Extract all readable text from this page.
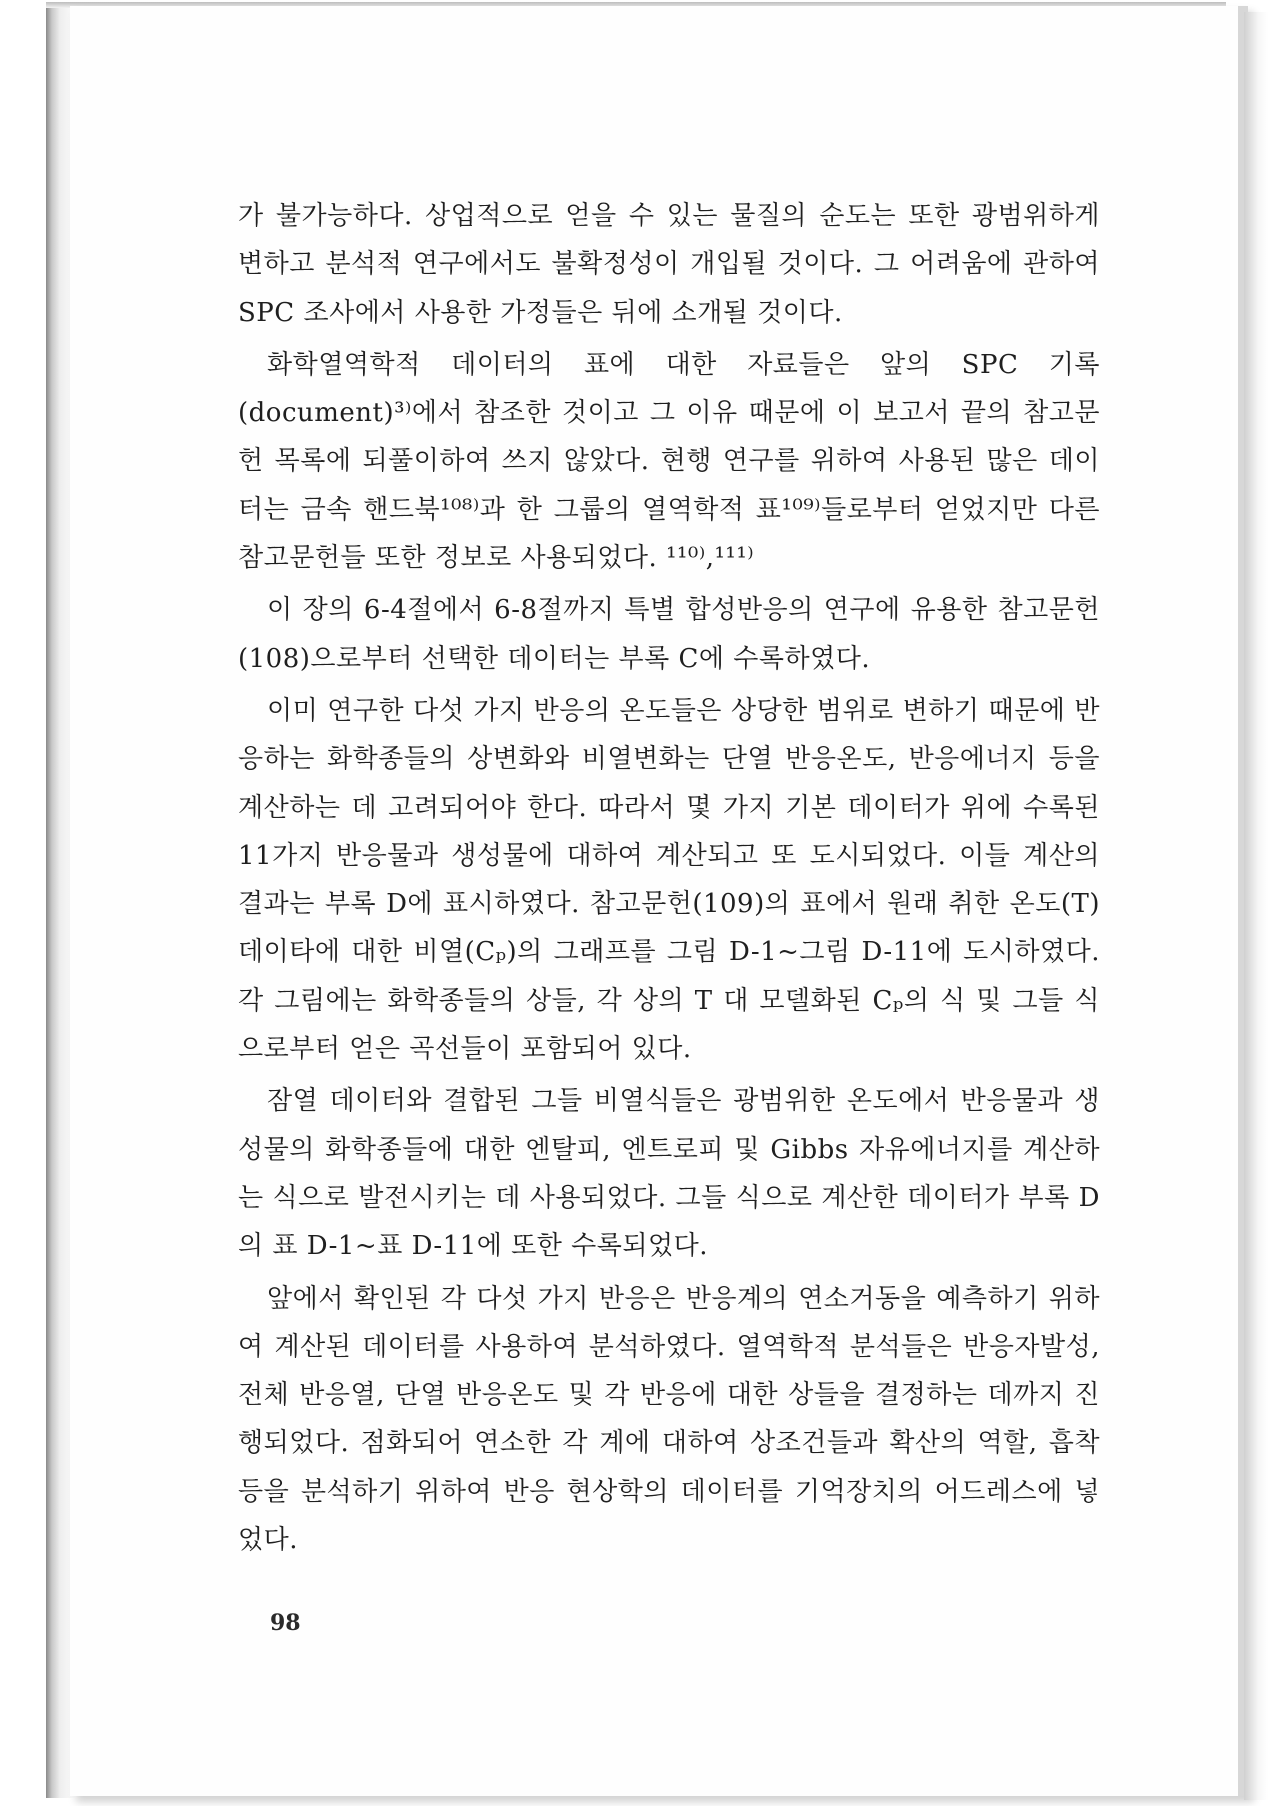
가 불가능하다. 상업적으로 얻을 수 있는 물질의 순도는 또한 광범위하게 변하고 분석적 연구에서도 불확정성이 개입될 것이다. 그 어려움에 관하여 SPC 조사에서 사용한 가정들은 뒤에 소개될 것이다.

화학열역학적 데이터의 표에 대한 자료들은 앞의 SPC 기록(document)³⁾에서 참조한 것이고 그 이유 때문에 이 보고서 끝의 참고문헌 목록에 되풀이하여 쓰지 않았다. 현행 연구를 위하여 사용된 많은 데이터는 금속 핸드북¹⁰⁸⁾과 한 그룹의 열역학적 표¹⁰⁹⁾들로부터 얻었지만 다른 참고문헌들 또한 정보로 사용되었다. ¹¹⁰⁾,¹¹¹⁾

이 장의 6-4절에서 6-8절까지 특별 합성반응의 연구에 유용한 참고문헌(108)으로부터 선택한 데이터는 부록 C에 수록하였다.

이미 연구한 다섯 가지 반응의 온도들은 상당한 범위로 변하기 때문에 반응하는 화학종들의 상변화와 비열변화는 단열 반응온도, 반응에너지 등을 계산하는 데 고려되어야 한다. 따라서 몇 가지 기본 데이터가 위에 수록된 11가지 반응물과 생성물에 대하여 계산되고 또 도시되었다. 이들 계산의 결과는 부록 D에 표시하였다. 참고문헌(109)의 표에서 원래 취한 온도(T) 데이타에 대한 비열(Cₚ)의 그래프를 그림 D-1~그림 D-11에 도시하였다. 각 그림에는 화학종들의 상들, 각 상의 T 대 모델화된 Cₚ의 식 및 그들 식으로부터 얻은 곡선들이 포함되어 있다.

잠열 데이터와 결합된 그들 비열식들은 광범위한 온도에서 반응물과 생성물의 화학종들에 대한 엔탈피, 엔트로피 및 Gibbs 자유에너지를 계산하는 식으로 발전시키는 데 사용되었다. 그들 식으로 계산한 데이터가 부록 D의 표 D-1~표 D-11에 또한 수록되었다.

앞에서 확인된 각 다섯 가지 반응은 반응계의 연소거동을 예측하기 위하여 계산된 데이터를 사용하여 분석하였다. 열역학적 분석들은 반응자발성, 전체 반응열, 단열 반응온도 및 각 반응에 대한 상들을 결정하는 데까지 진행되었다. 점화되어 연소한 각 계에 대하여 상조건들과 확산의 역할, 흡착 등을 분석하기 위하여 반응 현상학의 데이터를 기억장치의 어드레스에 넣었다.

98
